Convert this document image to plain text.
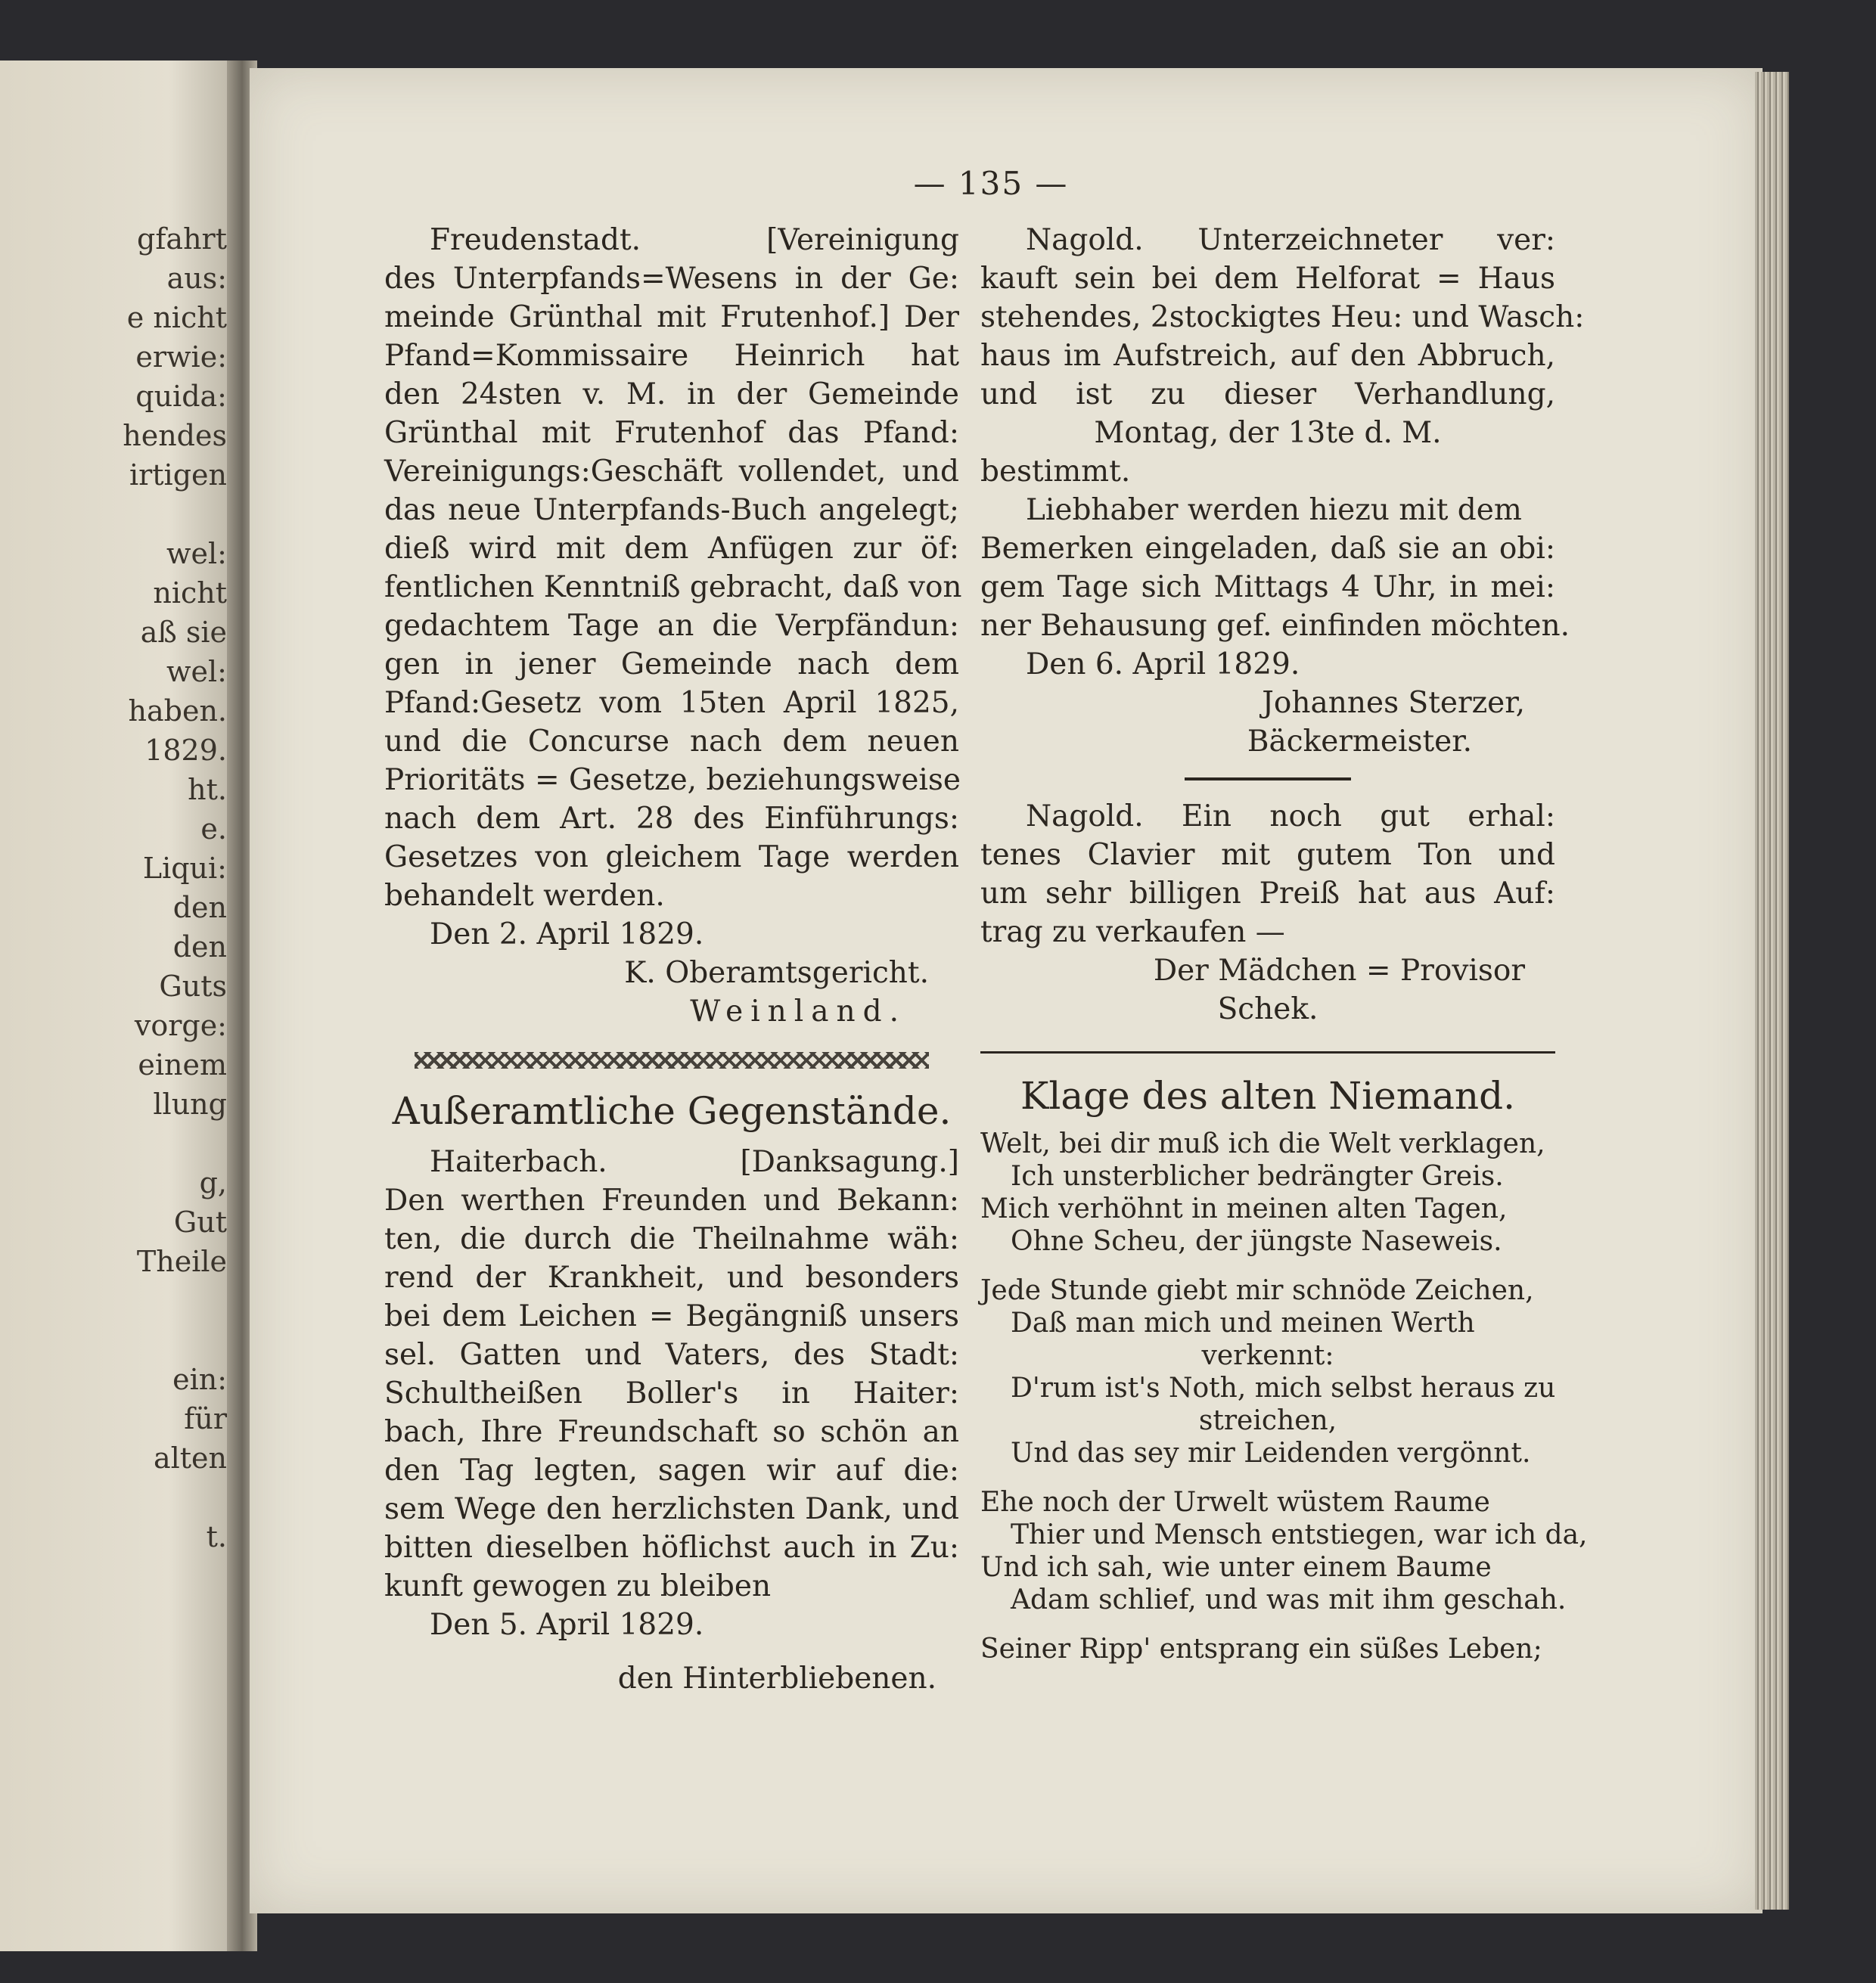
gfahrt
aus:
e nicht
erwie:
quida:
hendes
irtigen
wel:
nicht
aß sie
wel:
haben.
1829.
ht.
e.
Liqui:
den
den
Guts
vorge:
einem
llung
g,
Gut
Theile
ein:
für
alten
t.
— 135 —
Freudenstadt. [Vereinigung
des Unterpfands=Wesens in der Ge:
meinde Grünthal mit Frutenhof.] Der
Pfand=Kommissaire Heinrich hat
den 24sten v. M. in der Gemeinde
Grünthal mit Frutenhof das Pfand:
Vereinigungs:Geschäft vollendet, und
das neue Unterpfands-Buch angelegt;
dieß wird mit dem Anfügen zur öf:
fentlichen Kenntniß gebracht, daß von
gedachtem Tage an die Verpfändun:
gen in jener Gemeinde nach dem
Pfand:Gesetz vom 15ten April 1825,
und die Concurse nach dem neuen
Prioritäts = Gesetze, beziehungsweise
nach dem Art. 28 des Einführungs:
Gesetzes von gleichem Tage werden
behandelt werden.
Den 2. April 1829.
K. Oberamtsgericht.
Weinland.
Außeramtliche Gegenstände.
Haiterbach. [Danksagung.]
Den werthen Freunden und Bekann:
ten, die durch die Theilnahme wäh:
rend der Krankheit, und besonders
bei dem Leichen = Begängniß unsers
sel. Gatten und Vaters, des Stadt:
Schultheißen Boller's in Haiter:
bach, Ihre Freundschaft so schön an
den Tag legten, sagen wir auf die:
sem Wege den herzlichsten Dank, und
bitten dieselben höflichst auch in Zu:
kunft gewogen zu bleiben
Den 5. April 1829.
den Hinterbliebenen.
Nagold. Unterzeichneter ver:
kauft sein bei dem Helforat = Haus
stehendes, 2stockigtes Heu: und Wasch:
haus im Aufstreich, auf den Abbruch,
und ist zu dieser Verhandlung,
Montag, der 13te d. M.
bestimmt.
Liebhaber werden hiezu mit dem
Bemerken eingeladen, daß sie an obi:
gem Tage sich Mittags 4 Uhr, in mei:
ner Behausung gef. einfinden möchten.
Den 6. April 1829.
Johannes Sterzer,
Bäckermeister.
Nagold. Ein noch gut erhal:
tenes Clavier mit gutem Ton und
um sehr billigen Preiß hat aus Auf:
trag zu verkaufen —
Der Mädchen = Provisor
Schek.
Klage des alten Niemand.
Welt, bei dir muß ich die Welt verklagen,
Ich unsterblicher bedrängter Greis.
Mich verhöhnt in meinen alten Tagen,
Ohne Scheu, der jüngste Naseweis.
Jede Stunde giebt mir schnöde Zeichen,
Daß man mich und meinen Werth
verkennt:
D'rum ist's Noth, mich selbst heraus zu
streichen,
Und das sey mir Leidenden vergönnt.
Ehe noch der Urwelt wüstem Raume
Thier und Mensch entstiegen, war ich da,
Und ich sah, wie unter einem Baume
Adam schlief, und was mit ihm geschah.
Seiner Ripp' entsprang ein süßes Leben;
